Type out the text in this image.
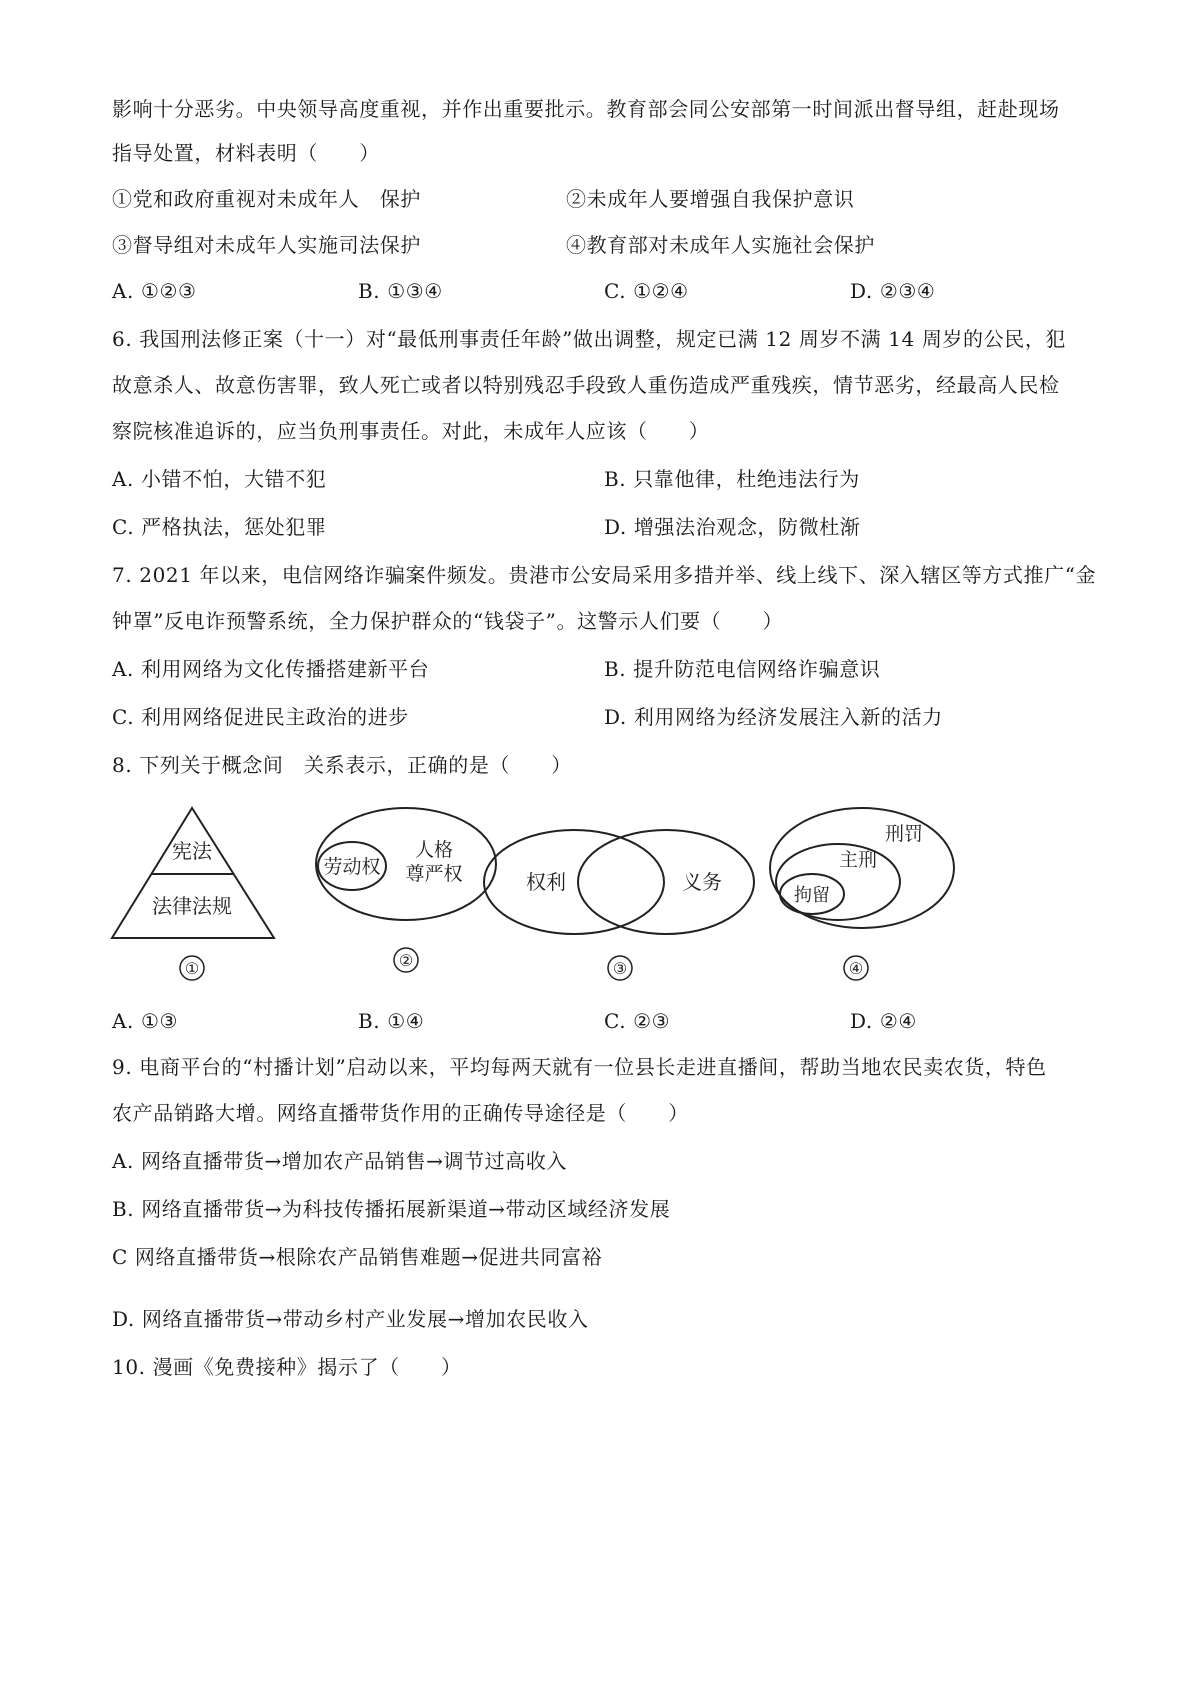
影响十分恶劣。中央领导高度重视，并作出重要批示。教育部会同公安部第一时间派出督导组，赶赴现场
指导处置，材料表明（　　）
①党和政府重视对未成年人　保护	②未成年人要增强自我保护意识
③督导组对未成年人实施司法保护	④教育部对未成年人实施社会保护
A. ①②③	B. ①③④	C. ①②④	D. ②③④
6. 我国刑法修正案（十一）对“最低刑事责任年龄”做出调整，规定已满 12 周岁不满 14 周岁的公民，犯
故意杀人、故意伤害罪，致人死亡或者以特别残忍手段致人重伤造成严重残疾，情节恶劣，经最高人民检
察院核准追诉的，应当负刑事责任。对此，未成年人应该（　　）
A. 小错不怕，大错不犯	B. 只靠他律，杜绝违法行为
C. 严格执法，惩处犯罪	D. 增强法治观念，防微杜渐
7. 2021 年以来，电信网络诈骗案件频发。贵港市公安局采用多措并举、线上线下、深入辖区等方式推广“金
钟罩”反电诈预警系统，全力保护群众的“钱袋子”。这警示人们要（　　）
A. 利用网络为文化传播搭建新平台	B. 提升防范电信网络诈骗意识
C. 利用网络促进民主政治的进步	D. 利用网络为经济发展注入新的活力
8. 下列关于概念间　关系表示，正确的是（　　）
宪法
法律法规
①
劳动权
人格
尊严权
②
权利	义务
③
刑罚
主刑
拘留
④
A. ①③	B. ①④	C. ②③	D. ②④
9. 电商平台的“村播计划”启动以来，平均每两天就有一位县长走进直播间，帮助当地农民卖农货，特色
农产品销路大增。网络直播带货作用的正确传导途径是（　　）
A. 网络直播带货→增加农产品销售→调节过高收入
B. 网络直播带货→为科技传播拓展新渠道→带动区域经济发展
C 网络直播带货→根除农产品销售难题→促进共同富裕
D. 网络直播带货→带动乡村产业发展→增加农民收入
10. 漫画《免费接种》揭示了（　　）
